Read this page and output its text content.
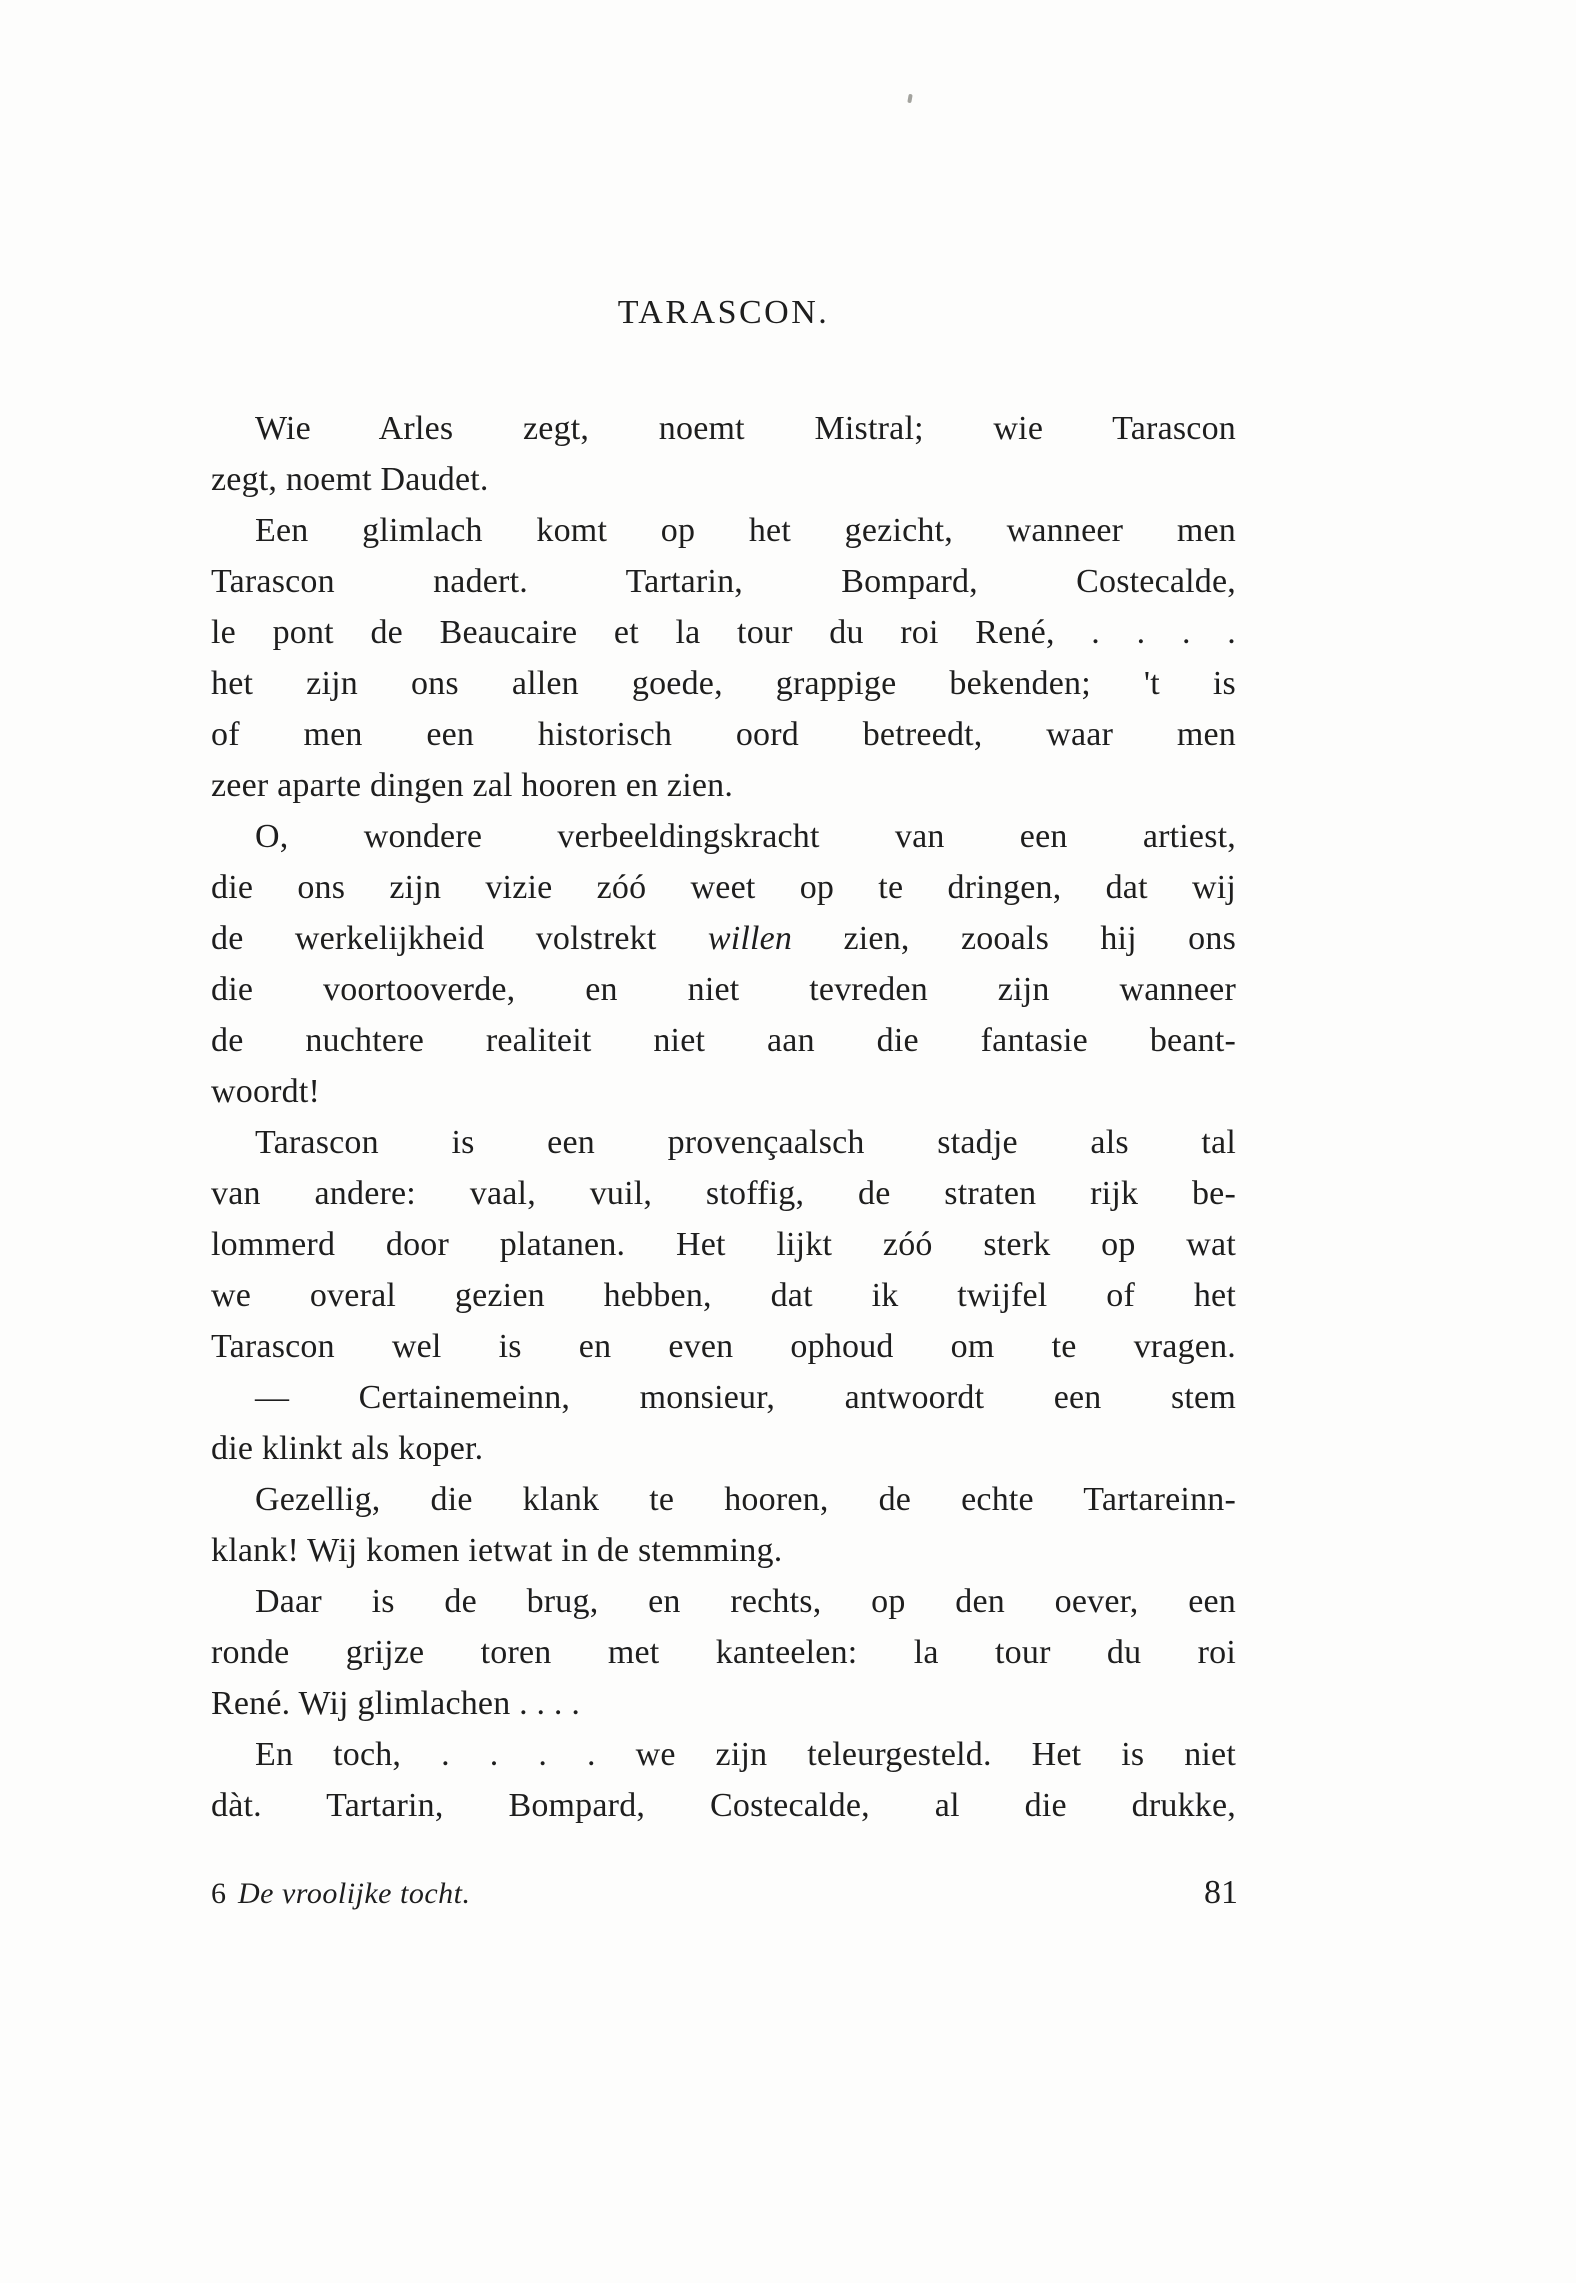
TARASCON.
Wie Arles zegt, noemt Mistral; wie Tarascon
zegt, noemt Daudet.
Een glimlach komt op het gezicht, wanneer men
Tarascon nadert. Tartarin, Bompard, Costecalde,
le pont de Beaucaire et la tour du roi René, . . . .
het zijn ons allen goede, grappige bekenden; 't is
of men een historisch oord betreedt, waar men
zeer aparte dingen zal hooren en zien.
O, wondere verbeeldingskracht van een artiest,
die ons zijn vizie zóó weet op te dringen, dat wij
de werkelijkheid volstrekt willen zien, zooals hij ons
die voortooverde, en niet tevreden zijn wanneer
de nuchtere realiteit niet aan die fantasie beant-
woordt!
Tarascon is een provençaalsch stadje als tal
van andere: vaal, vuil, stoffig, de straten rijk be-
lommerd door platanen. Het lijkt zóó sterk op wat
we overal gezien hebben, dat ik twijfel of het
Tarascon wel is en even ophoud om te vragen.
— Certainemeinn, monsieur, antwoordt een stem
die klinkt als koper.
Gezellig, die klank te hooren, de echte Tartareinn-
klank! Wij komen ietwat in de stemming.
Daar is de brug, en rechts, op den oever, een
ronde grijze toren met kanteelen: la tour du roi
René. Wij glimlachen . . . .
En toch, . . . . we zijn teleurgesteld. Het is niet
dàt. Tartarin, Bompard, Costecalde, al die drukke,
6 De vroolijke tocht.	81
